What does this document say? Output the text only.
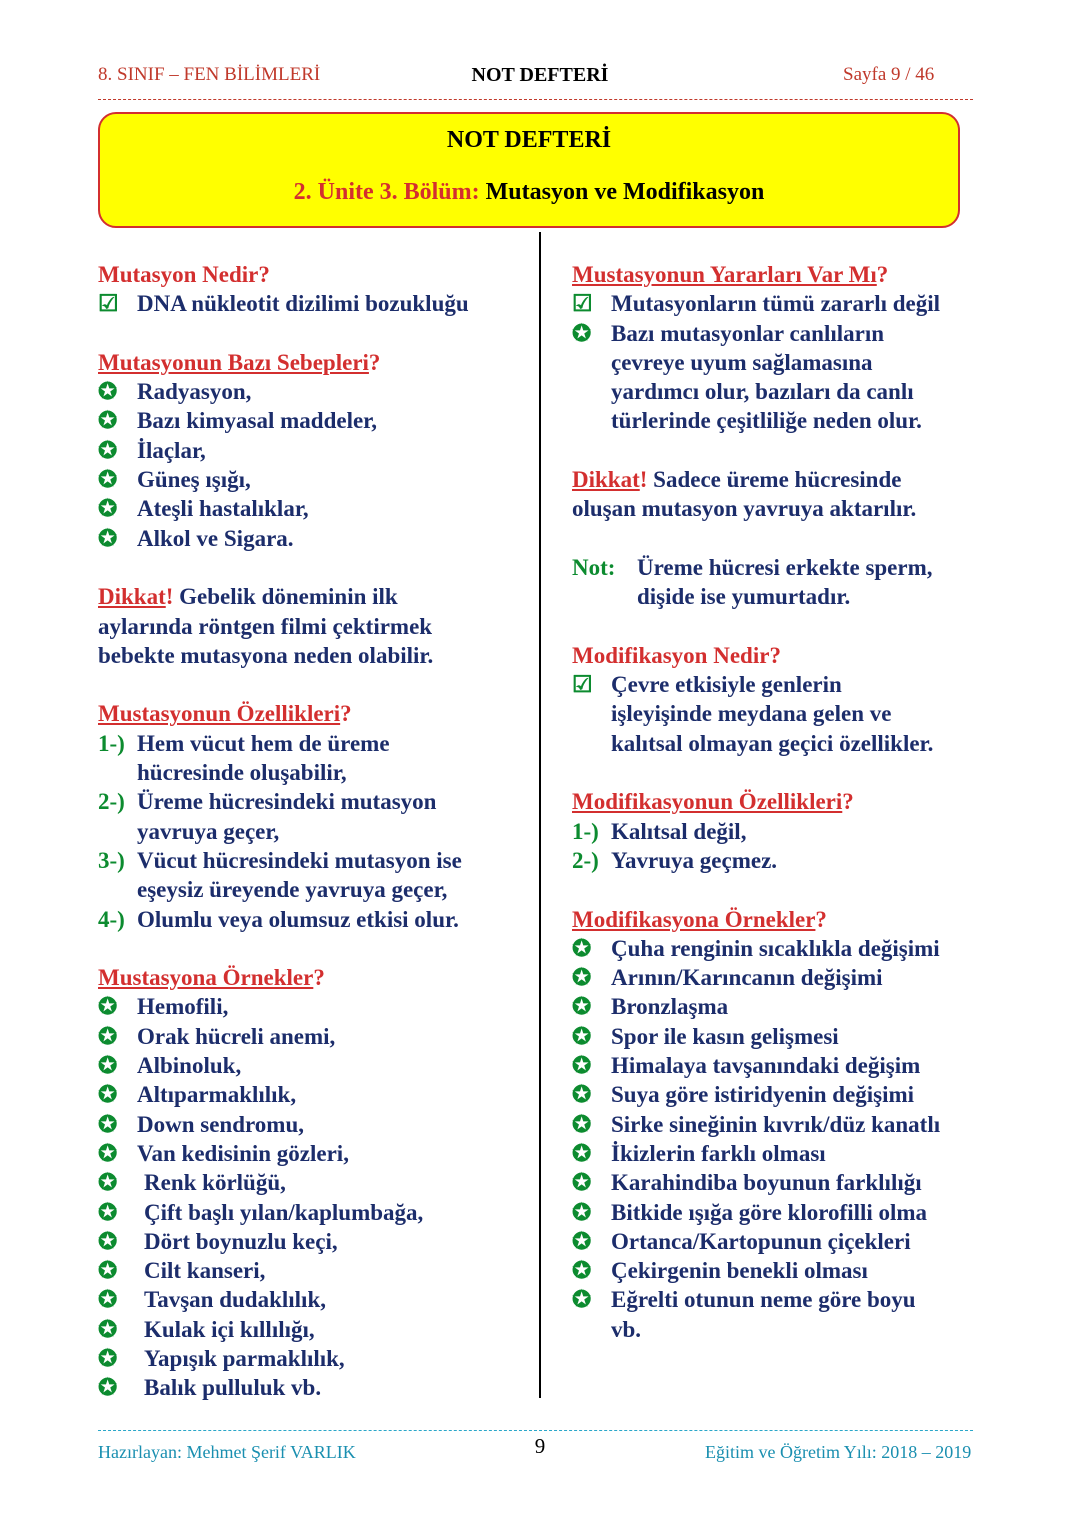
8. SINIF – FEN BİLİMLERİ	NOT DEFTERİ	Sayfa 9 / 46
NOT DEFTERİ
2. Ünite 3. Bölüm: Mutasyon ve Modifikasyon
Mutasyon Nedir?
☑ DNA nükleotit dizilimi bozukluğu
Mutasyonun Bazı Sebepleri?
✪ Radyasyon,
✪ Bazı kimyasal maddeler,
✪ İlaçlar,
✪ Güneş ışığı,
✪ Ateşli hastalıklar,
✪ Alkol ve Sigara.
Dikkat! Gebelik döneminin ilk
aylarında röntgen filmi çektirmek
bebekte mutasyona neden olabilir.
Mustasyonun Özellikleri?
1-) Hem vücut hem de üreme
hücresinde oluşabilir,
2-) Üreme hücresindeki mutasyon
yavruya geçer,
3-) Vücut hücresindeki mutasyon ise
eşeysiz üreyende yavruya geçer,
4-) Olumlu veya olumsuz etkisi olur.
Mustasyona Örnekler?
✪ Hemofili,
✪ Orak hücreli anemi,
✪ Albinoluk,
✪ Altıparmaklılık,
✪ Down sendromu,
✪ Van kedisinin gözleri,
✪	Renk körlüğü,
✪	Çift başlı yılan/kaplumbağa,
✪	Dört boynuzlu keçi,
✪	Cilt kanseri,
✪	Tavşan dudaklılık,
✪	Kulak içi kıllılığı,
✪	Yapışık parmaklılık,
✪	Balık pulluluk vb.
Mustasyonun Yararları Var Mı?
☑ Mutasyonların tümü zararlı değil
✪ Bazı mutasyonlar canlıların
çevreye uyum sağlamasına
yardımcı olur, bazıları da canlı
türlerinde çeşitliliğe neden olur.
Dikkat! Sadece üreme hücresinde
oluşan mutasyon yavruya aktarılır.
Not: Üreme hücresi erkekte sperm,
dişide ise yumurtadır.
Modifikasyon Nedir?
☑ Çevre etkisiyle genlerin
işleyişinde meydana gelen ve
kalıtsal olmayan geçici özellikler.
Modifikasyonun Özellikleri?
1-) Kalıtsal değil,
2-) Yavruya geçmez.
Modifikasyona Örnekler?
✪ Çuha renginin sıcaklıkla değişimi
✪ Arının/Karıncanın değişimi
✪ Bronzlaşma
✪ Spor ile kasın gelişmesi
✪ Himalaya tavşanındaki değişim
✪ Suya göre istiridyenin değişimi
✪ Sirke sineğinin kıvrık/düz kanatlı
✪ İkizlerin farklı olması
✪ Karahindiba boyunun farklılığı
✪ Bitkide ışığa göre klorofilli olma
✪ Ortanca/Kartopunun çiçekleri
✪ Çekirgenin benekli olması
✪ Eğrelti otunun neme göre boyu
vb.
Hazırlayan: Mehmet Şerif VARLIK	9	Eğitim ve Öğretim Yılı: 2018 – 2019
